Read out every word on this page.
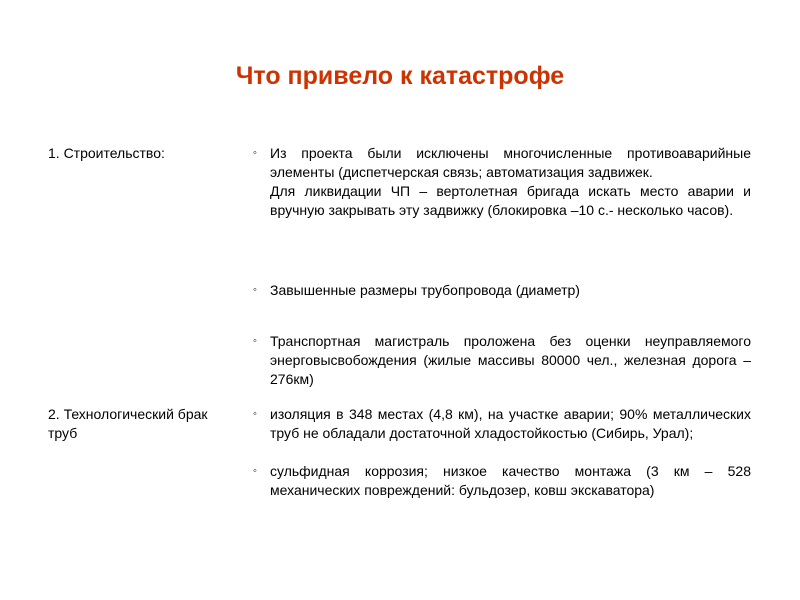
Что привело к катастрофе
1. Строительство:	◦ Из проекта были исключены многочисленные противоаварийные элементы (диспетчерская связь; автоматизация задвижек.

Для ликвидации ЧП – вертолетная бригада искать место аварии и вручную закрывать эту задвижку (блокировка –10 с.- несколько часов).

◦ Завышенные размеры трубопровода (диаметр)

◦ Транспортная магистраль проложена без оценки неуправляемого энерговысвобождения (жилые массивы 80000 чел., железная дорога –276км)

2. Технологический брак труб
◦ изоляция в 348 местах (4,8 км), на участке аварии; 90% металлических труб не обладали достаточной хладостойкостью (Сибирь, Урал);

◦ сульфидная коррозия; низкое качество монтажа (3 км – 528 механических повреждений: бульдозер, ковш экскаватора)
